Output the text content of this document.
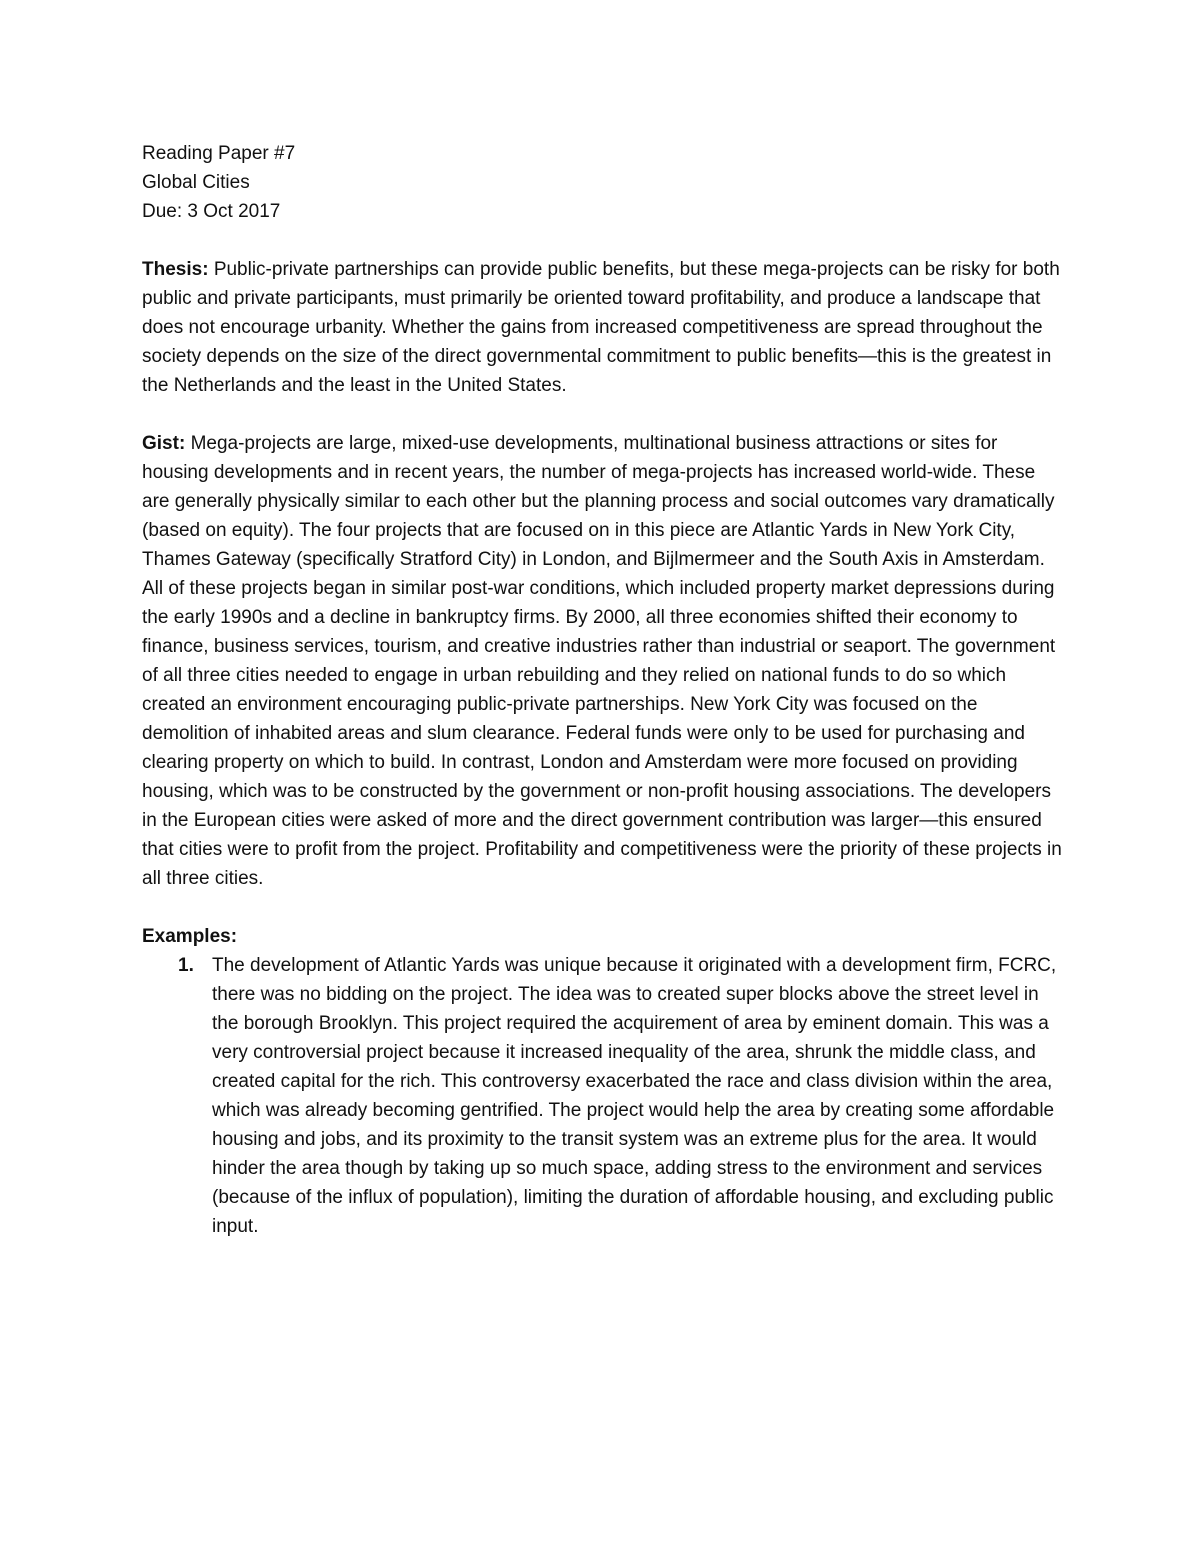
Reading Paper #7

Global Cities

Due: 3 Oct 2017

Thesis: Public-private partnerships can provide public benefits, but these mega-projects can be risky for both public and private participants, must primarily be oriented toward profitability, and produce a landscape that does not encourage urbanity. Whether the gains from increased competitiveness are spread throughout the society depends on the size of the direct governmental commitment to public benefits—this is the greatest in the Netherlands and the least in the United States.

Gist: Mega-projects are large, mixed-use developments, multinational business attractions or sites for housing developments and in recent years, the number of mega-projects has increased world-wide. These are generally physically similar to each other but the planning process and social outcomes vary dramatically (based on equity). The four projects that are focused on in this piece are Atlantic Yards in New York City, Thames Gateway (specifically Stratford City) in London, and Bijlmermeer and the South Axis in Amsterdam. All of these projects began in similar post-war conditions, which included property market depressions during the early 1990s and a decline in bankruptcy firms. By 2000, all three economies shifted their economy to finance, business services, tourism, and creative industries rather than industrial or seaport. The government of all three cities needed to engage in urban rebuilding and they relied on national funds to do so which created an environment encouraging public-private partnerships. New York City was focused on the demolition of inhabited areas and slum clearance. Federal funds were only to be used for purchasing and clearing property on which to build. In contrast, London and Amsterdam were more focused on providing housing, which was to be constructed by the government or non-profit housing associations. The developers in the European cities were asked of more and the direct government contribution was larger—this ensured that cities were to profit from the project. Profitability and competitiveness were the priority of these projects in all three cities.

Examples:

1. The development of Atlantic Yards was unique because it originated with a development firm, FCRC, there was no bidding on the project. The idea was to created super blocks above the street level in the borough Brooklyn. This project required the acquirement of area by eminent domain. This was a very controversial project because it increased inequality of the area, shrunk the middle class, and created capital for the rich. This controversy exacerbated the race and class division within the area, which was already becoming gentrified. The project would help the area by creating some affordable housing and jobs, and its proximity to the transit system was an extreme plus for the area. It would hinder the area though by taking up so much space, adding stress to the environment and services (because of the influx of population), limiting the duration of affordable housing, and excluding public input.
